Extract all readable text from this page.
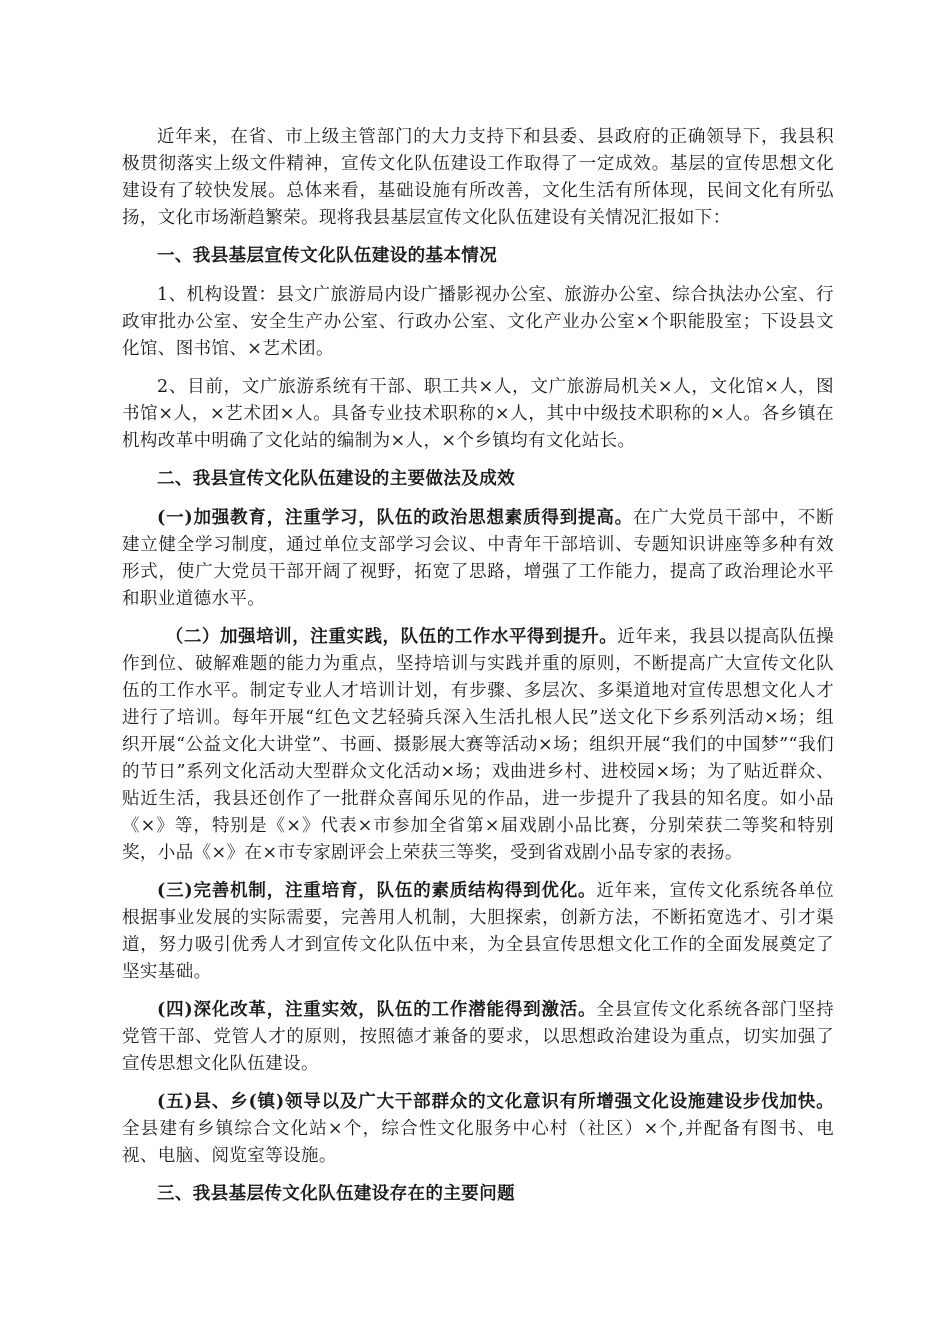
近年来，在省、市上级主管部门的大力支持下和县委、县政府的正确领导下，我县积极贯彻落实上级文件精神，宣传文化队伍建设工作取得了一定成效。基层的宣传思想文化建设有了较快发展。总体来看，基础设施有所改善，文化生活有所体现，民间文化有所弘扬，文化市场渐趋繁荣。现将我县基层宣传文化队伍建设有关情况汇报如下：

一、我县基层宣传文化队伍建设的基本情况

1、机构设置：县文广旅游局内设广播影视办公室、旅游办公室、综合执法办公室、行政审批办公室、安全生产办公室、行政办公室、文化产业办公室×个职能股室；下设县文化馆、图书馆、×艺术团。

2、目前，文广旅游系统有干部、职工共×人，文广旅游局机关×人，文化馆×人，图书馆×人，×艺术团×人。具备专业技术职称的×人，其中中级技术职称的×人。各乡镇在机构改革中明确了文化站的编制为×人，×个乡镇均有文化站长。

二、我县宣传文化队伍建设的主要做法及成效

(一)加强教育，注重学习，队伍的政治思想素质得到提高。在广大党员干部中，不断建立健全学习制度，通过单位支部学习会议、中青年干部培训、专题知识讲座等多种有效形式，使广大党员干部开阔了视野，拓宽了思路，增强了工作能力，提高了政治理论水平和职业道德水平。

（二）加强培训，注重实践，队伍的工作水平得到提升。近年来，我县以提高队伍操作到位、破解难题的能力为重点，坚持培训与实践并重的原则，不断提高广大宣传文化队伍的工作水平。制定专业人才培训计划，有步骤、多层次、多渠道地对宣传思想文化人才进行了培训。每年开展“红色文艺轻骑兵深入生活扎根人民”送文化下乡系列活动×场；组织开展“公益文化大讲堂”、书画、摄影展大赛等活动×场；组织开展“我们的中国梦”“我们的节日”系列文化活动大型群众文化活动×场；戏曲进乡村、进校园×场；为了贴近群众、贴近生活，我县还创作了一批群众喜闻乐见的作品，进一步提升了我县的知名度。如小品《×》等，特别是《×》代表×市参加全省第×届戏剧小品比赛，分别荣获二等奖和特别奖，小品《×》在×市专家剧评会上荣获三等奖，受到省戏剧小品专家的表扬。

(三)完善机制，注重培育，队伍的素质结构得到优化。近年来，宣传文化系统各单位根据事业发展的实际需要，完善用人机制，大胆探索，创新方法，不断拓宽选才、引才渠道，努力吸引优秀人才到宣传文化队伍中来，为全县宣传思想文化工作的全面发展奠定了坚实基础。

(四)深化改革，注重实效，队伍的工作潜能得到激活。全县宣传文化系统各部门坚持党管干部、党管人才的原则，按照德才兼备的要求，以思想政治建设为重点，切实加强了宣传思想文化队伍建设。

(五)县、乡(镇)领导以及广大干部群众的文化意识有所增强文化设施建设步伐加快。全县建有乡镇综合文化站×个，综合性文化服务中心村（社区）×个,并配备有图书、电视、电脑、阅览室等设施。

三、我县基层传文化队伍建设存在的主要问题
